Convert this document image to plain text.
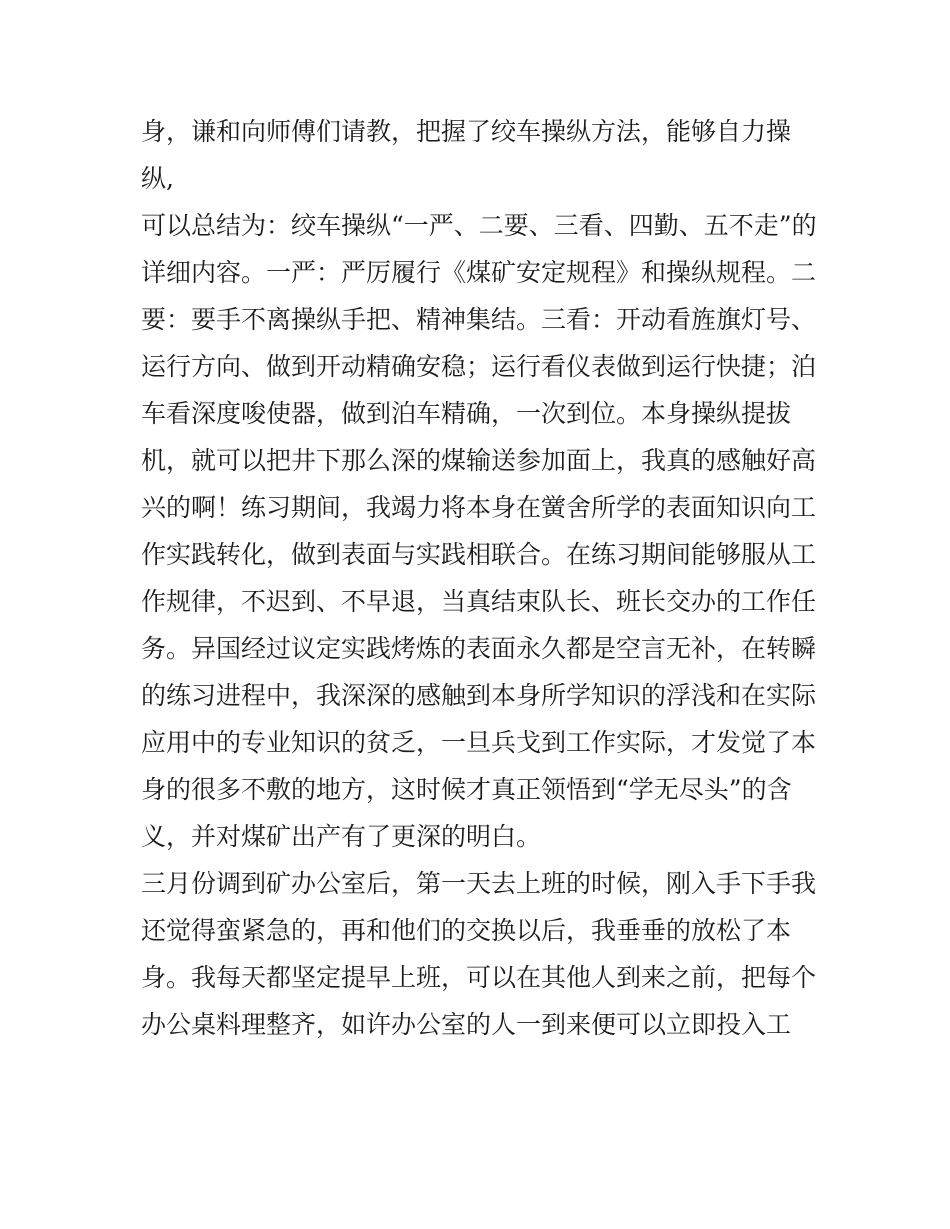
身，谦和向师傅们请教，把握了绞车操纵方法，能够自力操
纵,
可以总结为：绞车操纵“一严、二要、三看、四勤、五不走”的
详细内容。一严：严厉履行《煤矿安定规程》和操纵规程。二
要：要手不离操纵手把、精神集结。三看：开动看旌旗灯号、
运行方向、做到开动精确安稳；运行看仪表做到运行快捷；泊
车看深度唆使器，做到泊车精确，一次到位。本身操纵提拔
机，就可以把井下那么深的煤输送参加面上，我真的感触好高
兴的啊！练习期间，我竭力将本身在黉舍所学的表面知识向工
作实践转化，做到表面与实践相联合。在练习期间能够服从工
作规律，不迟到、不早退，当真结束队长、班长交办的工作任
务。异国经过议定实践烤炼的表面永久都是空言无补，在转瞬
的练习进程中，我深深的感触到本身所学知识的浮浅和在实际
应用中的专业知识的贫乏，一旦兵戈到工作实际，才发觉了本
身的很多不敷的地方，这时候才真正领悟到“学无尽头”的含
义，并对煤矿出产有了更深的明白。
三月份调到矿办公室后，第一天去上班的时候，刚入手下手我
还觉得蛮紧急的，再和他们的交换以后，我垂垂的放松了本
身。我每天都坚定提早上班，可以在其他人到来之前，把每个
办公桌料理整齐，如许办公室的人一到来便可以立即投入工
